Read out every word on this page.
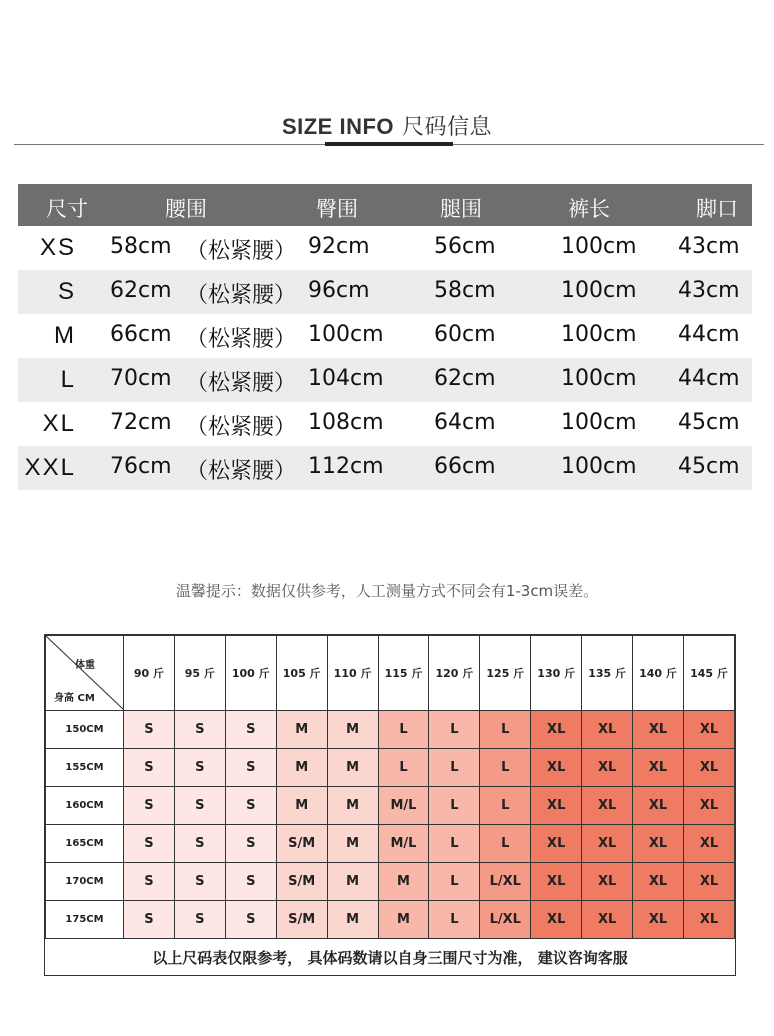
SIZE INFO 尺码信息
尺寸	腰围	臀围	腿围	裤长	脚口
XS 58cm （松紧腰） 92cm	56cm	100cm 43cm
S 62cm （松紧腰） 96cm	58cm	100cm 43cm
M 66cm （松紧腰） 100cm 60cm	100cm 44cm
L 70cm （松紧腰） 104cm 62cm	100cm 44cm
XL 72cm （松紧腰） 108cm 64cm	100cm 45cm
XXL 76cm （松紧腰） 112cm 66cm	100cm 45cm
温馨提示：数据仅供参考，人工测量方式不同会有1-3cm误差。
体重
身高 CM	90 斤	95 斤	100 斤	105 斤	110 斤	115 斤	120 斤	125 斤	130 斤	135 斤	140 斤	145 斤
150CM	S	S	S	M	M	L	L	L	XL	XL	XL	XL
155CM	S	S	S	M	M	L	L	L	XL	XL	XL	XL
160CM	S	S	S	M	M	M/L	L	L	XL	XL	XL	XL
165CM	S	S	S	S/M	M	M/L	L	L	XL	XL	XL	XL
170CM	S	S	S	S/M	M	M	L	L/XL	XL	XL	XL	XL
175CM	S	S	S	S/M	M	M	L	L/XL	XL	XL	XL	XL
以上尺码表仅限参考， 具体码数请以自身三围尺寸为准， 建议咨询客服
